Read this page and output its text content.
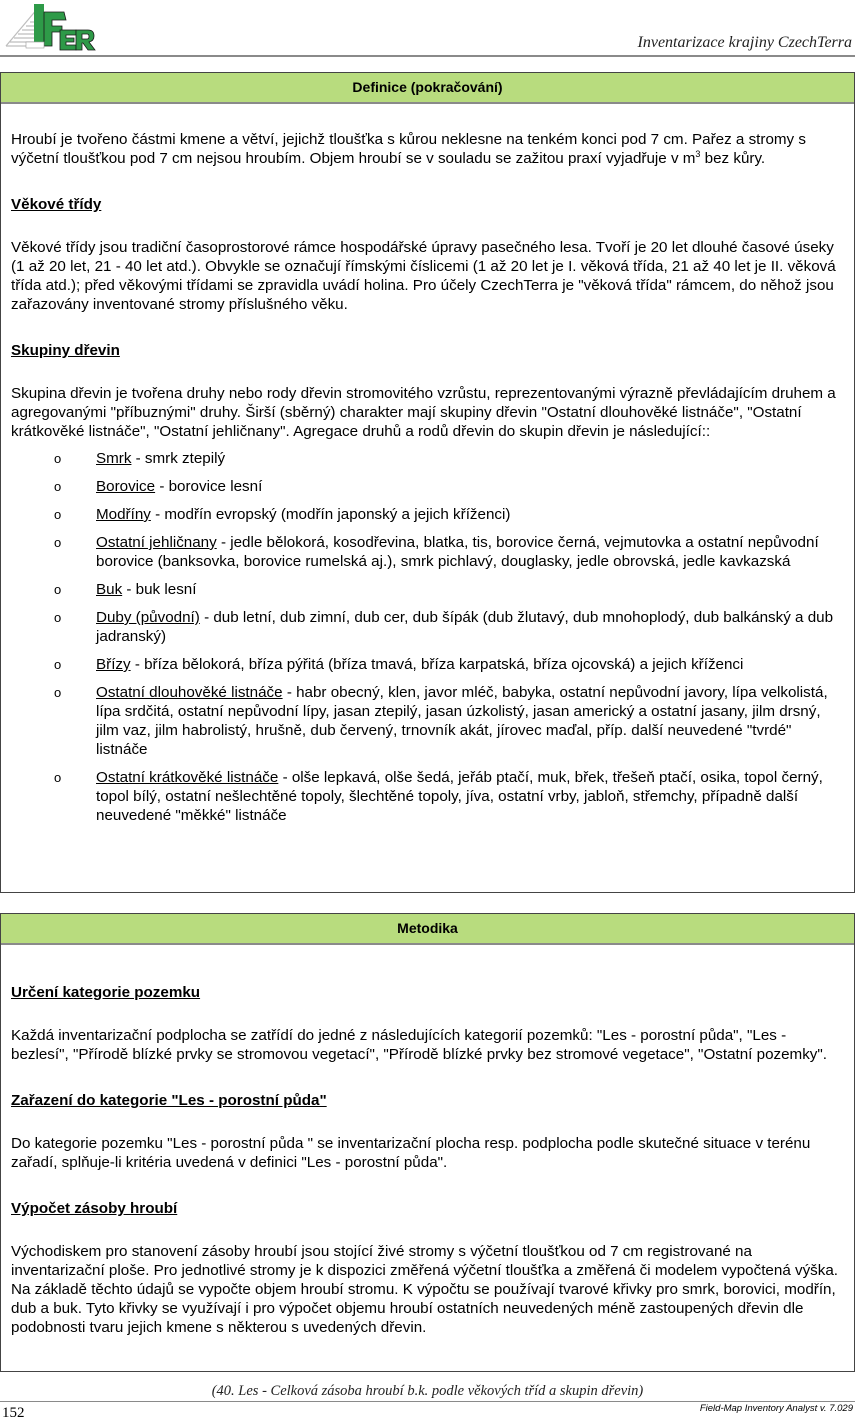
Inventarizace krajiny CzechTerra
Definice (pokračování)

Hroubí je tvořeno částmi kmene a větví, jejichž tloušťka s kůrou neklesne na tenkém konci pod 7 cm. Pařez a stromy s výčetní tloušťkou pod 7 cm nejsou hroubím. Objem hroubí se v souladu se zažitou praxí vyjadřuje v $m^3$ bez kůry.

Věkové třídy

Věkové třídy jsou tradiční časoprostorové rámce hospodářské úpravy pasečného lesa. Tvoří je 20 let dlouhé časové úseky (1 až 20 let, 21 - 40 let atd.). Obvykle se označují římskými číslicemi (1 až 20 let je I. věková třída, 21 až 40 let je II. věková třída atd.); před věkovými třídami se zpravidla uvádí holina. Pro účely CzechTerra je "věková třída" rámcem, do něhož jsou zařazovány inventované stromy příslušného věku.

Skupiny dřevin

Skupina dřevin je tvořena druhy nebo rody dřevin stromovitého vzrůstu, reprezentovanými výrazně převládajícím druhem a agregovanými "příbuznými" druhy. Širší (sběrný) charakter mají skupiny dřevin "Ostatní dlouhověké listnáče", "Ostatní krátkověké listnáče", "Ostatní jehličnany". Agregace druhů a rodů dřevin do skupin dřevin je následující::

o Smrk - smrk ztepilý
o Borovice - borovice lesní
o Modříny - modřín evropský (modřín japonský a jejich kříženci)
o Ostatní jehličnany - jedle bělokorá, kosodřevina, blatka, tis, borovice černá, vejmutovka a ostatní nepůvodní borovice (banksovka, borovice rumelská aj.), smrk pichlavý, douglasky, jedle obrovská, jedle kavkazská
o Buk - buk lesní
o Duby (původní) - dub letní, dub zimní, dub cer, dub šípák (dub žlutavý, dub mnohoplodý, dub balkánský a dub jadranský)
o Břízy - bříza bělokorá, bříza pýřitá (bříza tmavá, bříza karpatská, bříza ojcovská) a jejich kříženci
o Ostatní dlouhověké listnáče - habr obecný, klen, javor mléč, babyka, ostatní nepůvodní javory, lípa velkolistá, lípa srdčitá, ostatní nepůvodní lípy, jasan ztepilý, jasan úzkolistý, jasan americký a ostatní jasany, jilm drsný, jilm vaz, jilm habrolistý, hrušně, dub červený, trnovník akát, jírovec maďal, příp. další neuvedené "tvrdé" listnáče
o Ostatní krátkověké listnáče - olše lepkavá, olše šedá, jeřáb ptačí, muk, břek, třešeň ptačí, osika, topol černý, topol bílý, ostatní nešlechtěné topoly, šlechtěné topoly, jíva, ostatní vrby, jabloň, střemchy, případně další neuvedené "měkké" listnáče
Metodika

Určení kategorie pozemku

Každá inventarizační podplocha se zatřídí do jedné z následujících kategorií pozemků: "Les - porostní půda", "Les - bezlesí", "Přírodě blízké prvky se stromovou vegetací", "Přírodě blízké prvky bez stromové vegetace", "Ostatní pozemky".

Zařazení do kategorie "Les - porostní půda"

Do kategorie pozemku "Les - porostní půda " se inventarizační plocha resp. podplocha podle skutečné situace v terénu zařadí, splňuje-li kritéria uvedená v definici "Les - porostní půda".

Výpočet zásoby hroubí

Východiskem pro stanovení zásoby hroubí jsou stojící živé stromy s výčetní tloušťkou od 7 cm registrované na inventarizační ploše. Pro jednotlivé stromy je k dispozici změřená výčetní tloušťka a změřená či modelem vypočtená výška. Na základě těchto údajů se vypočte objem hroubí stromu. K výpočtu se používají tvarové křivky pro smrk, borovici, modřín, dub a buk. Tyto křivky se využívají i pro výpočet objemu hroubí ostatních neuvedených méně zastoupených dřevin dle podobnosti tvaru jejich kmene s některou s uvedených dřevin.

(40. Les - Celková zásoba hroubí b.k. podle věkových tříd a skupin dřevin)
152	Field-Map Inventory Analyst v. 7.029
